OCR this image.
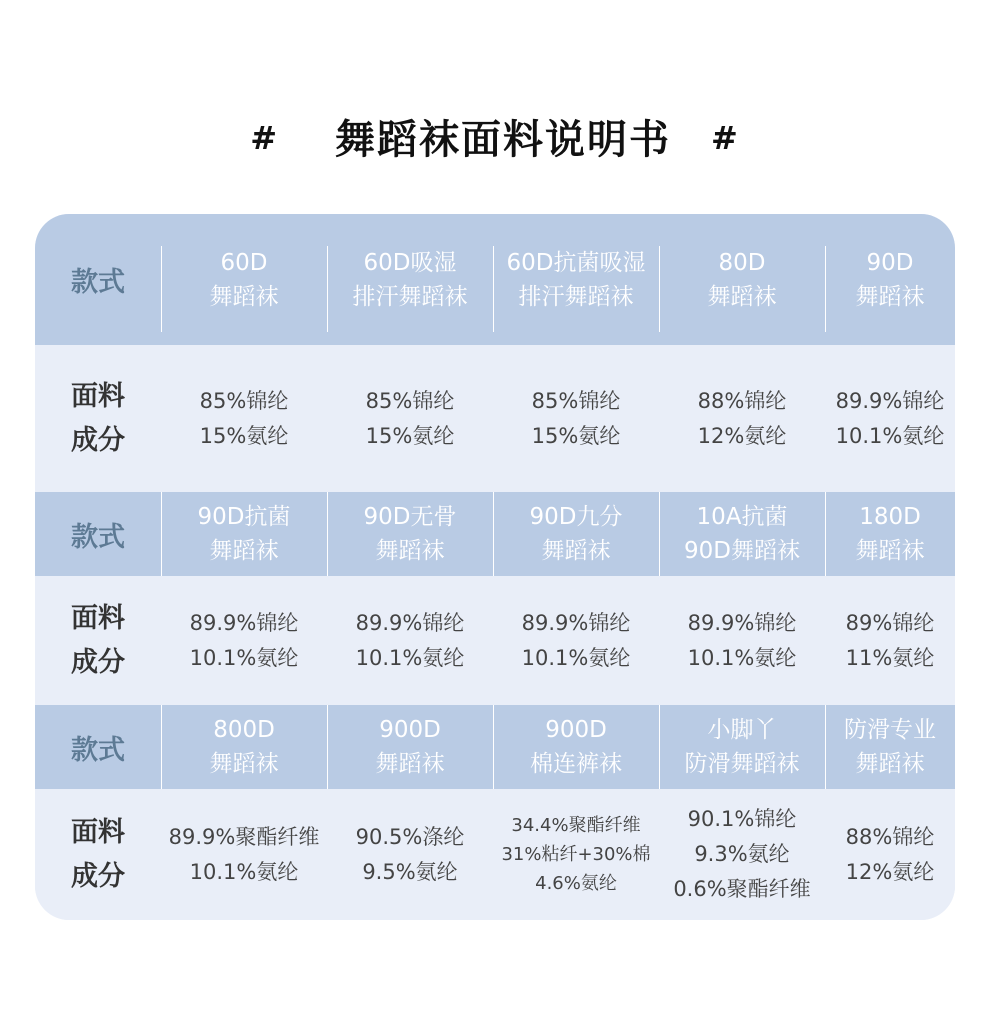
# 舞蹈袜面料说明书 #
款式
60D
舞蹈袜
60D吸湿
排汗舞蹈袜
60D抗菌吸湿
排汗舞蹈袜
80D
舞蹈袜
90D
舞蹈袜
面料
成分
85%锦纶
15%氨纶
85%锦纶
15%氨纶
85%锦纶
15%氨纶
88%锦纶
12%氨纶
89.9%锦纶
10.1%氨纶
款式
90D抗菌
舞蹈袜
90D无骨
舞蹈袜
90D九分
舞蹈袜
10A抗菌
90D舞蹈袜
180D
舞蹈袜
面料
成分
89.9%锦纶
10.1%氨纶
89.9%锦纶
10.1%氨纶
89.9%锦纶
10.1%氨纶
89.9%锦纶
10.1%氨纶
89%锦纶
11%氨纶
款式
800D
舞蹈袜
900D
舞蹈袜
900D
棉连裤袜
小脚丫
防滑舞蹈袜
防滑专业
舞蹈袜
面料
成分
89.9%聚酯纤维
10.1%氨纶
90.5%涤纶
9.5%氨纶
34.4%聚酯纤维
31%粘纤+30%棉
4.6%氨纶
90.1%锦纶
9.3%氨纶
0.6%聚酯纤维
88%锦纶
12%氨纶
